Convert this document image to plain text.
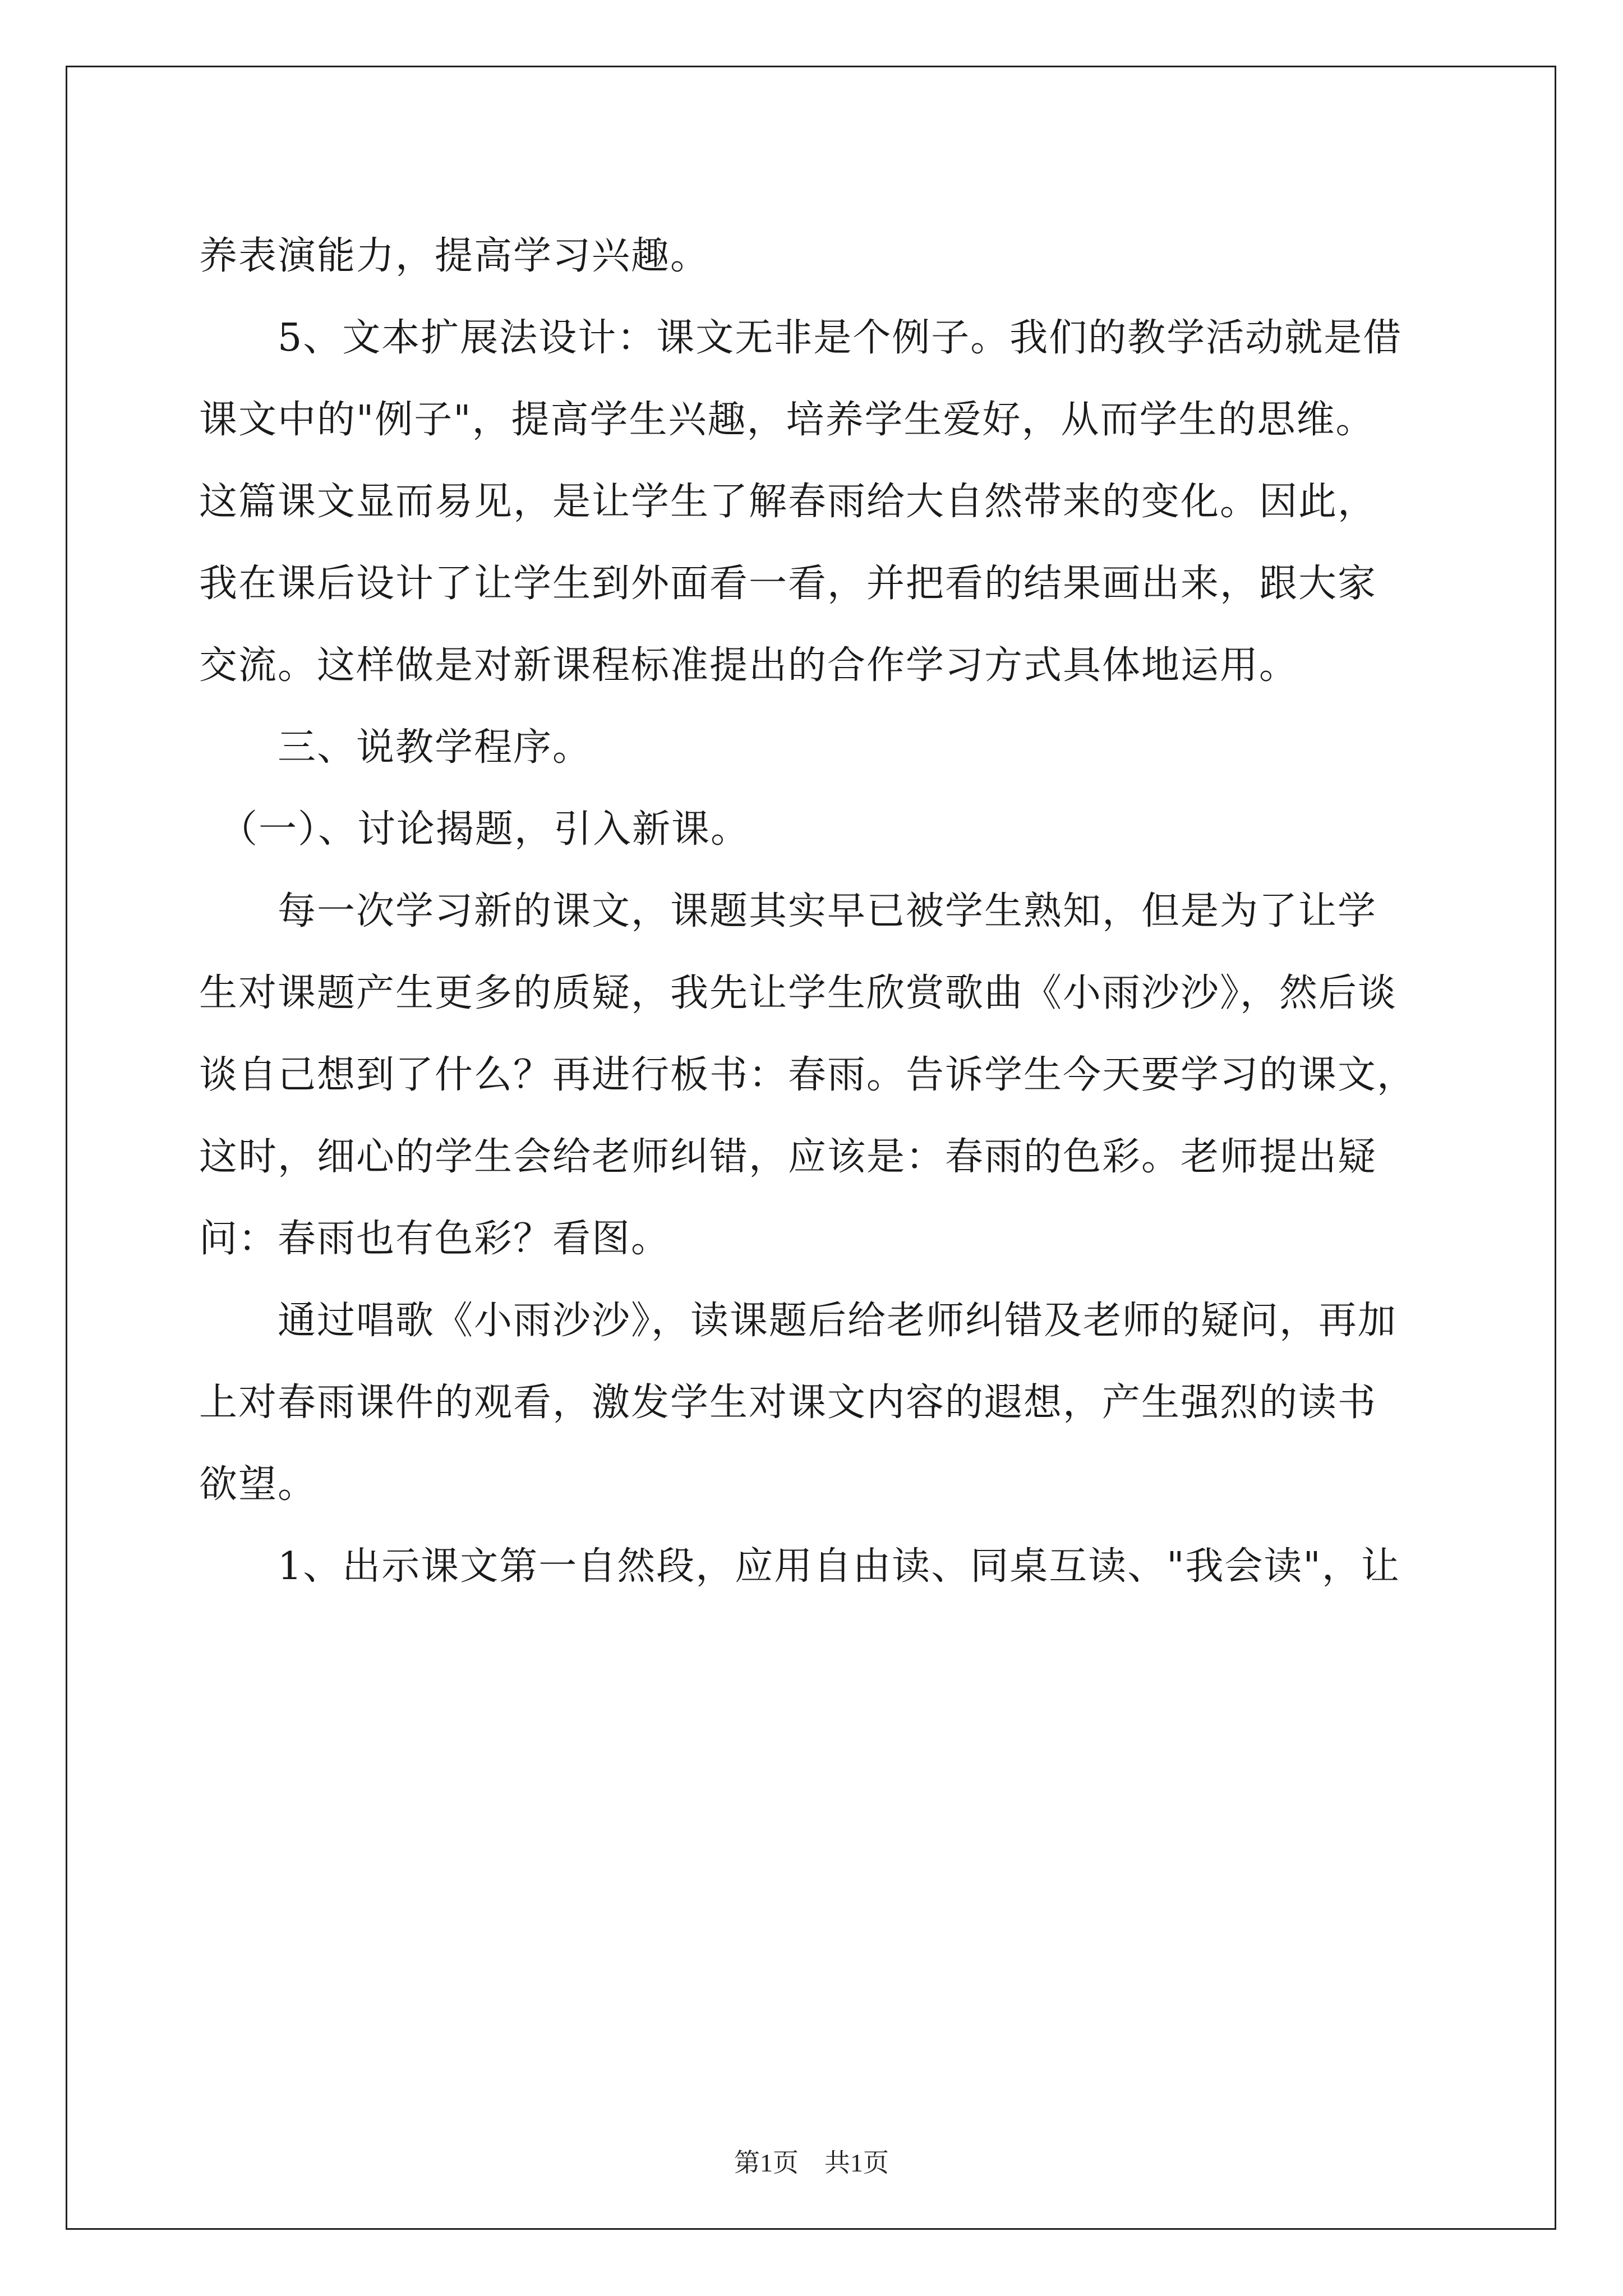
养表演能力，提高学习兴趣。
　　5、文本扩展法设计：课文无非是个例子。我们的教学活动就是借
课文中的"例子"，提高学生兴趣，培养学生爱好，从而学生的思维。
这篇课文显而易见，是让学生了解春雨给大自然带来的变化。因此，
我在课后设计了让学生到外面看一看，并把看的结果画出来，跟大家
交流。这样做是对新课程标准提出的合作学习方式具体地运用。
　　三、说教学程序。
　（一）、讨论揭题，引入新课。
　　每一次学习新的课文，课题其实早已被学生熟知，但是为了让学
生对课题产生更多的质疑，我先让学生欣赏歌曲《小雨沙沙》，然后谈
谈自己想到了什么？再进行板书：春雨。告诉学生今天要学习的课文，
这时，细心的学生会给老师纠错，应该是：春雨的色彩。老师提出疑
问：春雨也有色彩？看图。
　　通过唱歌《小雨沙沙》，读课题后给老师纠错及老师的疑问，再加
上对春雨课件的观看，激发学生对课文内容的遐想，产生强烈的读书
欲望。
　　1、出示课文第一自然段，应用自由读、同桌互读、"我会读"，让
第1页　共1页
